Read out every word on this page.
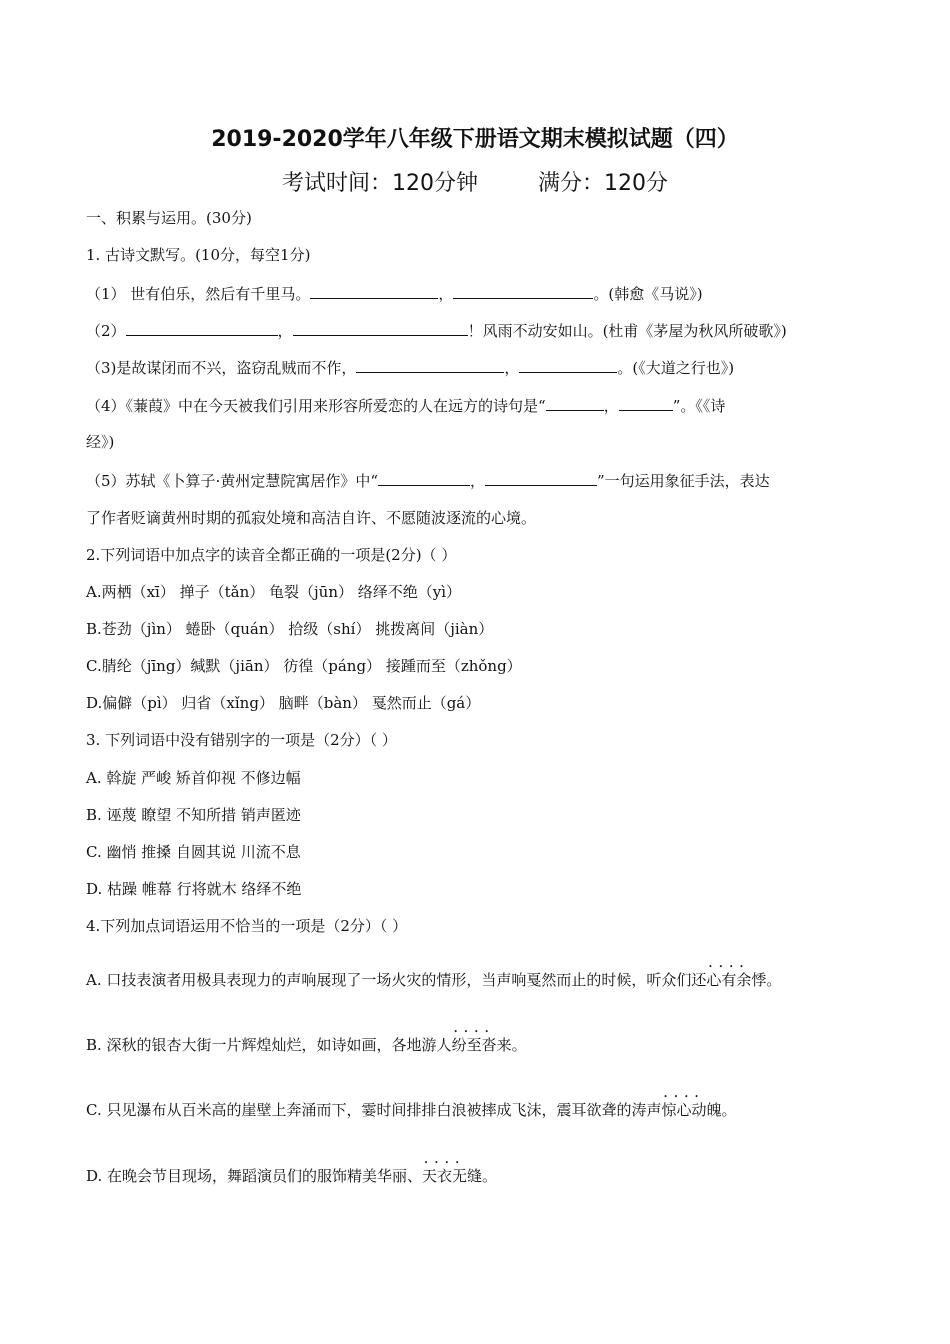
2019-2020学年八年级下册语文期末模拟试题（四）
考试时间：120分钟	满分：120分
一、积累与运用。(30分)
1. 古诗文默写。(10分，每空1分)
（1） 世有伯乐，然后有千里马。	，	。(韩愈《马说》)
（2）	，	！风雨不动安如山。(杜甫《茅屋为秋风所破歌》)
（3)是故谋闭而不兴，盗窃乱贼而不作，	，	。(《大道之行也》)
（4）《蒹葭》中在今天被我们引用来形容所爱恋的人在远方的诗句是“	，	”。《《诗
经》)
（5）苏轼《卜算子·黄州定慧院寓居作》中“	，	”一句运用象征手法，表达
了作者贬谪黄州时期的孤寂处境和高洁自许、不愿随波逐流的心境。
2.下列词语中加点字的读音全都正确的一项是(2分)（ ）
A.两栖（xī） 掸子（tǎn） 龟裂（jūn） 络绎不绝（yì）
B.苍劲（jìn） 蜷卧（quán） 拾级（shí） 挑拨离间（jiàn）
C.腈纶（jīng）缄默（jiān） 彷徨（páng） 接踵而至（zhǒng）
D.偏僻（pì） 归省（xǐng） 脑畔（bàn） 戛然而止（gá）
3. 下列词语中没有错别字的一项是（2分）（ ）
A. 斡旋 严峻 矫首仰视 不修边幅
B. 诬蔑 瞭望 不知所措 销声匿迹
C. 幽悄 推搡 自圆其说 川流不息
D. 枯躁 帷幕 行将就木 络绎不绝
4.下列加点词语运用不恰当的一项是（2分）（ ）
A. 口技表演者用极具表现力的声响展现了一场火灾的情形，当声响戛然而止的时候，听众们还• • • • 心有余悸。
B. 深秋的银杏大街一片辉煌灿烂，如诗如画，各地游人• • • • 纷至沓来。
C. 只见瀑布从百米高的崖壁上奔涌而下，霎时间排排白浪被摔成飞沫，震耳欲聋的涛声• • • • 惊心动魄。
D. 在晚会节目现场，舞蹈演员们的服饰精美华丽、• • • • 天衣无缝。
